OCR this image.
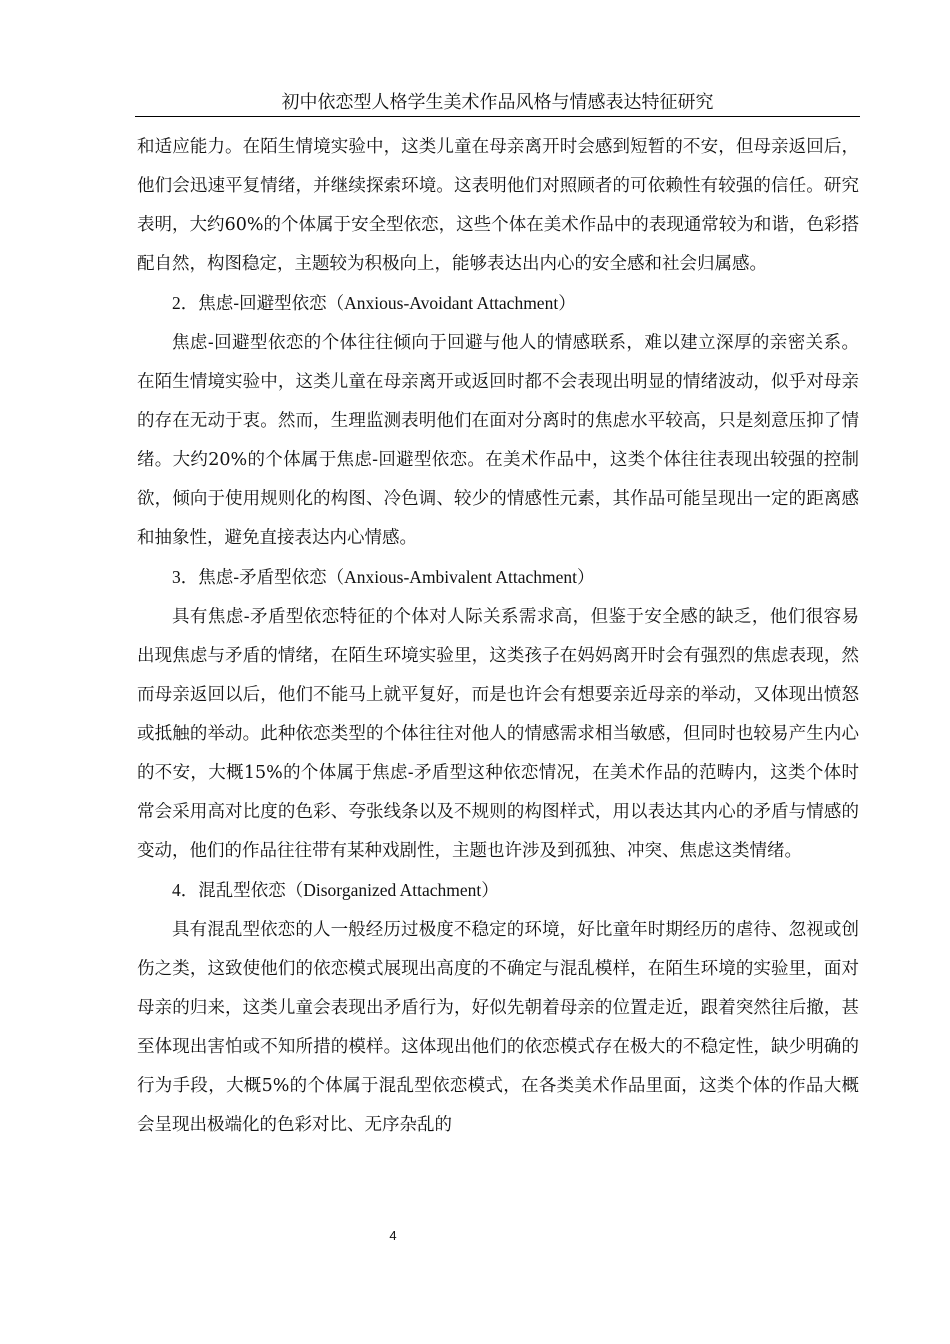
初中依恋型人格学生美术作品风格与情感表达特征研究

和适应能力。在陌生情境实验中，这类儿童在母亲离开时会感到短暂的不安，但母亲返回后，他们会迅速平复情绪，并继续探索环境。这表明他们对照顾者的可依赖性有较强的信任。研究表明，大约60%的个体属于安全型依恋，这些个体在美术作品中的表现通常较为和谐，色彩搭配自然，构图稳定，主题较为积极向上，能够表达出内心的安全感和社会归属感。

2．焦虑-回避型依恋（Anxious-Avoidant Attachment）

焦虑-回避型依恋的个体往往倾向于回避与他人的情感联系，难以建立深厚的亲密关系。在陌生情境实验中，这类儿童在母亲离开或返回时都不会表现出明显的情绪波动，似乎对母亲的存在无动于衷。然而，生理监测表明他们在面对分离时的焦虑水平较高，只是刻意压抑了情绪。大约20%的个体属于焦虑-回避型依恋。在美术作品中，这类个体往往表现出较强的控制欲，倾向于使用规则化的构图、冷色调、较少的情感性元素，其作品可能呈现出一定的距离感和抽象性，避免直接表达内心情感。

3．焦虑-矛盾型依恋（Anxious-Ambivalent Attachment）

具有焦虑-矛盾型依恋特征的个体对人际关系需求高，但鉴于安全感的缺乏，他们很容易出现焦虑与矛盾的情绪，在陌生环境实验里，这类孩子在妈妈离开时会有强烈的焦虑表现，然而母亲返回以后，他们不能马上就平复好，而是也许会有想要亲近母亲的举动，又体现出愤怒或抵触的举动。此种依恋类型的个体往往对他人的情感需求相当敏感，但同时也较易产生内心的不安，大概15%的个体属于焦虑-矛盾型这种依恋情况，在美术作品的范畴内，这类个体时常会采用高对比度的色彩、夸张线条以及不规则的构图样式，用以表达其内心的矛盾与情感的变动，他们的作品往往带有某种戏剧性，主题也许涉及到孤独、冲突、焦虑这类情绪。

4．混乱型依恋（Disorganized Attachment）

具有混乱型依恋的人一般经历过极度不稳定的环境，好比童年时期经历的虐待、忽视或创伤之类，这致使他们的依恋模式展现出高度的不确定与混乱模样，在陌生环境的实验里，面对母亲的归来，这类儿童会表现出矛盾行为，好似先朝着母亲的位置走近，跟着突然往后撤，甚至体现出害怕或不知所措的模样。这体现出他们的依恋模式存在极大的不稳定性，缺少明确的行为手段，大概5%的个体属于混乱型依恋模式，在各类美术作品里面，这类个体的作品大概会呈现出极端化的色彩对比、无序杂乱的

4
